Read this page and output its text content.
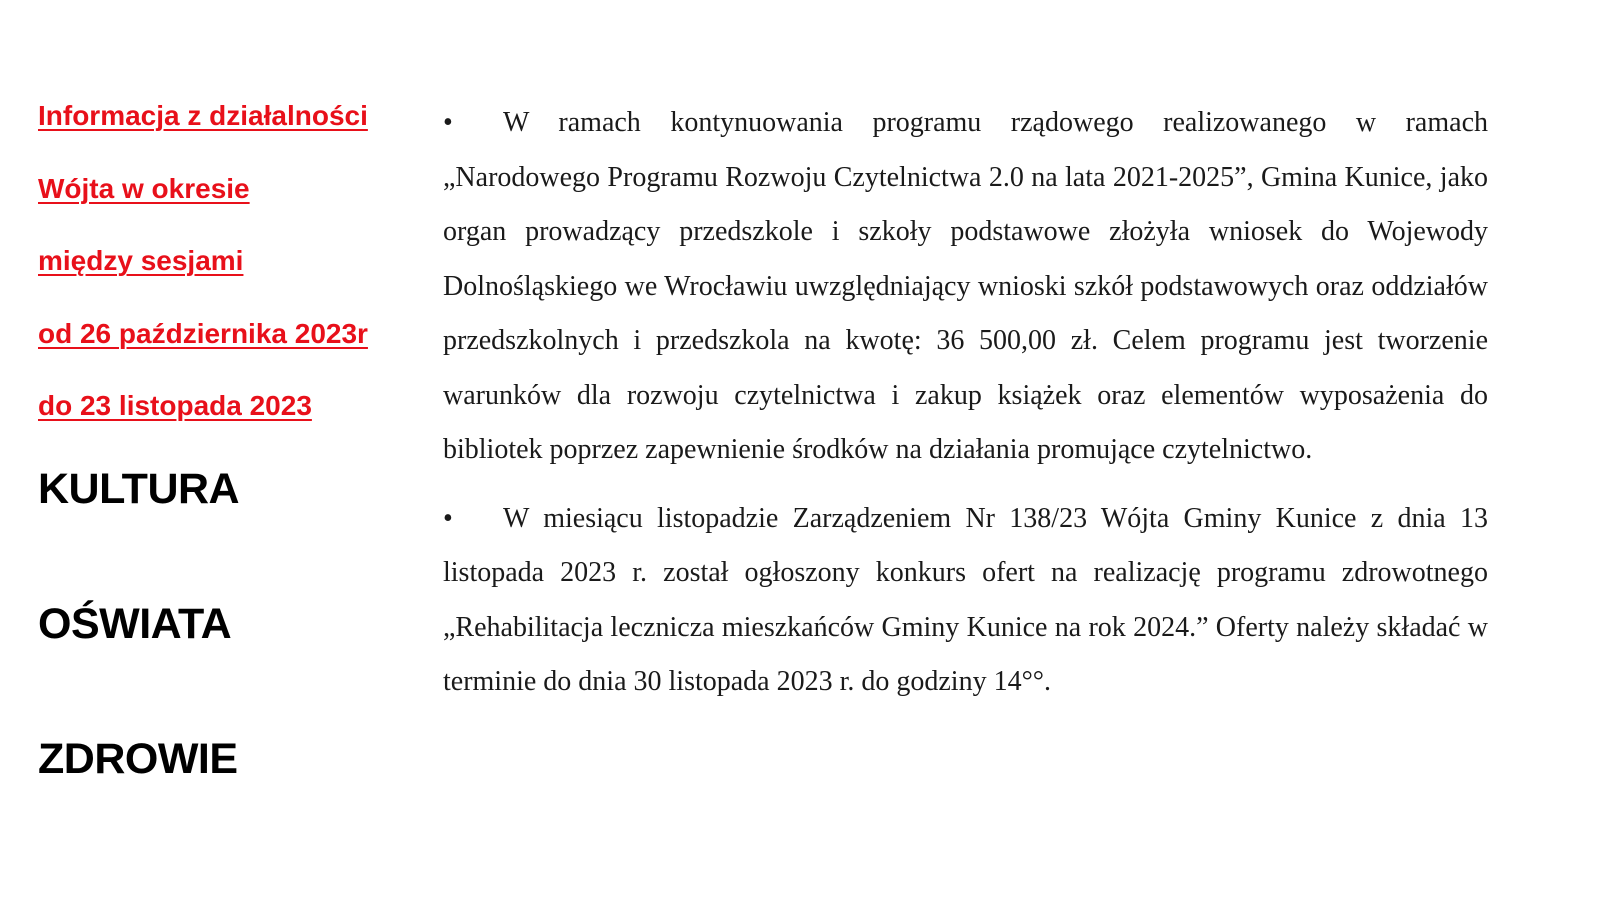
Informacja z działalności
Wójta w okresie
między sesjami
od 26 października 2023r
do 23 listopada 2023
KULTURA
OŚWIATA
ZDROWIE

• W ramach kontynuowania programu rządowego realizowanego w ramach „Narodowego Programu Rozwoju Czytelnictwa 2.0 na lata 2021-2025”, Gmina Kunice, jako organ prowadzący przedszkole i szkoły podstawowe złożyła wniosek do Wojewody Dolnośląskiego we Wrocławiu uwzględniający wnioski szkół podstawowych oraz oddziałów przedszkolnych i przedszkola na kwotę: 36 500,00 zł. Celem programu jest tworzenie warunków dla rozwoju czytelnictwa i zakup książek oraz elementów wyposażenia do bibliotek poprzez zapewnienie środków na działania promujące czytelnictwo.

• W miesiącu listopadzie Zarządzeniem Nr 138/23 Wójta Gminy Kunice z dnia 13 listopada 2023 r. został ogłoszony konkurs ofert na realizację programu zdrowotnego „Rehabilitacja lecznicza mieszkańców Gminy Kunice na rok 2024.” Oferty należy składać w terminie do dnia 30 listopada 2023 r. do godziny 14°°.
